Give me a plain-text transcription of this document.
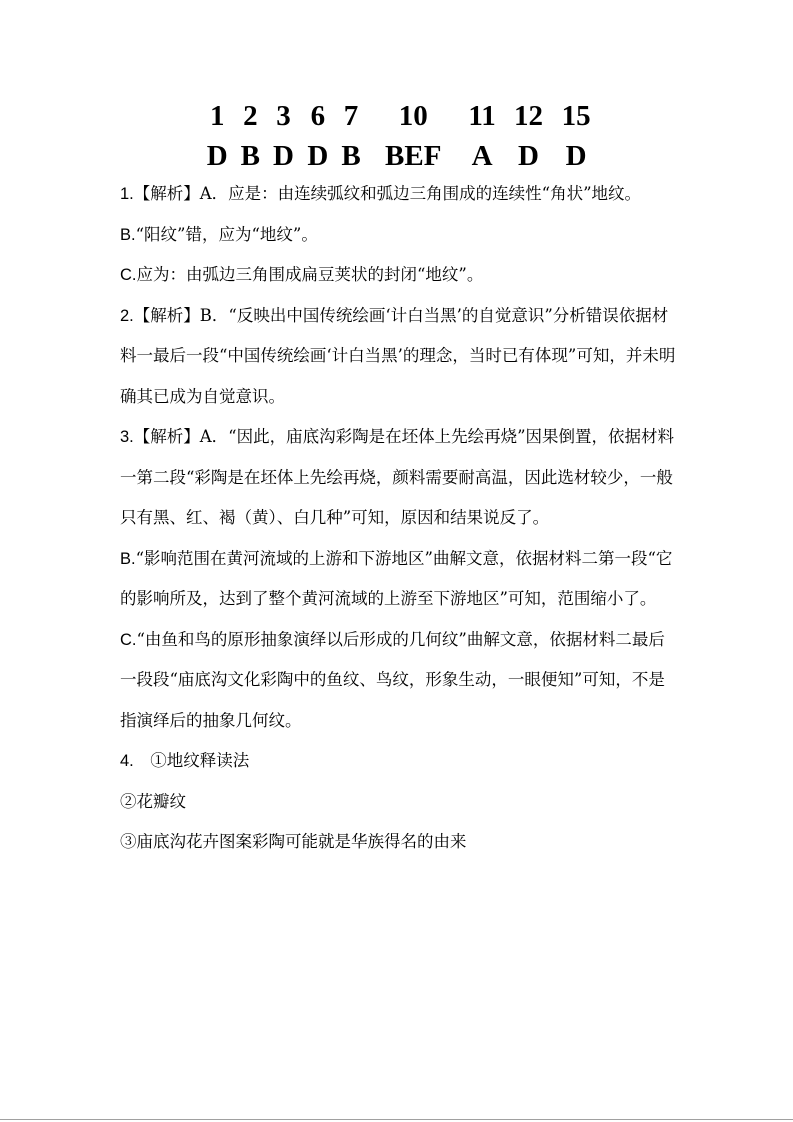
1	2	3	6	7	10	11	12	15
D	B	D	D	B	BEF	A	D	D

1.【解析】A．应是：由连续弧纹和弧边三角围成的连续性“角状”地纹。

B.“阳纹”错，应为“地纹”。

C.应为：由弧边三角围成扁豆荚状的封闭“地纹”。

2.【解析】B．“反映出中国传统绘画‘计白当黑’的自觉意识”分析错误依据材料一最后一段“中国传统绘画‘计白当黑’的理念，当时已有体现”可知，并未明确其已成为自觉意识。

3.【解析】A．“因此，庙底沟彩陶是在坯体上先绘再烧”因果倒置，依据材料一第二段“彩陶是在坯体上先绘再烧，颜料需要耐高温，因此选材较少，一般只有黑、红、褐（黄）、白几种”可知，原因和结果说反了。

B.“影响范围在黄河流域的上游和下游地区”曲解文意，依据材料二第一段“它的影响所及，达到了整个黄河流域的上游至下游地区”可知，范围缩小了。

C.“由鱼和鸟的原形抽象演绎以后形成的几何纹”曲解文意，依据材料二最后一段段“庙底沟文化彩陶中的鱼纹、鸟纹，形象生动，一眼便知”可知，不是指演绎后的抽象几何纹。

4.　①地纹释读法

②花瓣纹

③庙底沟花卉图案彩陶可能就是华族得名的由来
